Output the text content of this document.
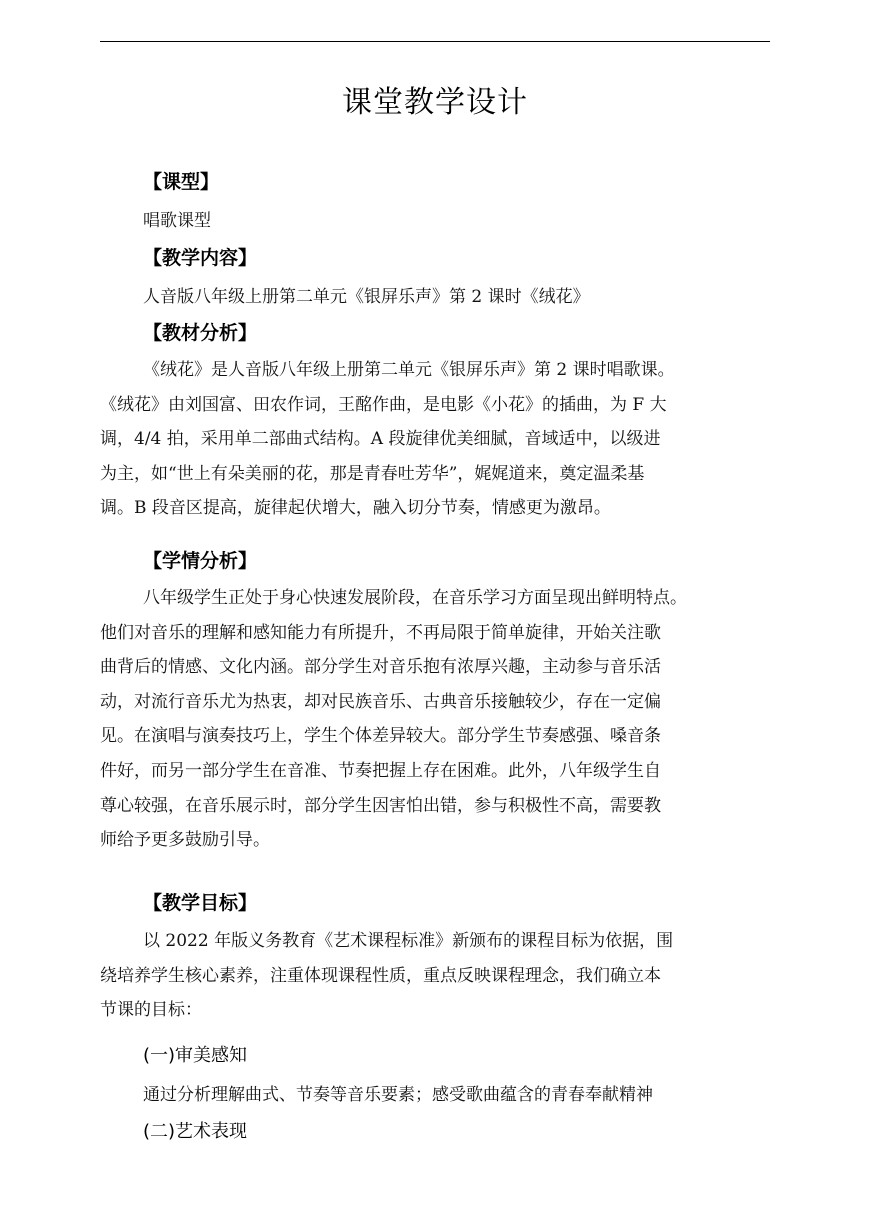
课堂教学设计
【课型】
唱歌课型
【教学内容】
人音版八年级上册第二单元《银屏乐声》第 2 课时《绒花》
【教材分析】
《绒花》是人音版八年级上册第二单元《银屏乐声》第 2 课时唱歌课。
《绒花》由刘国富、田农作词，王酩作曲，是电影《小花》的插曲，为 F 大
调，4/4 拍，采用单二部曲式结构。A 段旋律优美细腻，音域适中，以级进
为主，如“世上有朵美丽的花，那是青春吐芳华”，娓娓道来，奠定温柔基
调。B 段音区提高，旋律起伏增大，融入切分节奏，情感更为激昂。
【学情分析】
八年级学生正处于身心快速发展阶段，在音乐学习方面呈现出鲜明特点。
他们对音乐的理解和感知能力有所提升，不再局限于简单旋律，开始关注歌
曲背后的情感、文化内涵。部分学生对音乐抱有浓厚兴趣，主动参与音乐活
动，对流行音乐尤为热衷，却对民族音乐、古典音乐接触较少，存在一定偏
见。在演唱与演奏技巧上，学生个体差异较大。部分学生节奏感强、嗓音条
件好，而另一部分学生在音准、节奏把握上存在困难。此外，八年级学生自
尊心较强，在音乐展示时，部分学生因害怕出错，参与积极性不高，需要教
师给予更多鼓励引导。
【教学目标】
以 2022 年版义务教育《艺术课程标准》新颁布的课程目标为依据，围
绕培养学生核心素养，注重体现课程性质，重点反映课程理念，我们确立本
节课的目标：
(一)审美感知
通过分析理解曲式、节奏等音乐要素；感受歌曲蕴含的青春奉献精神
(二)艺术表现
